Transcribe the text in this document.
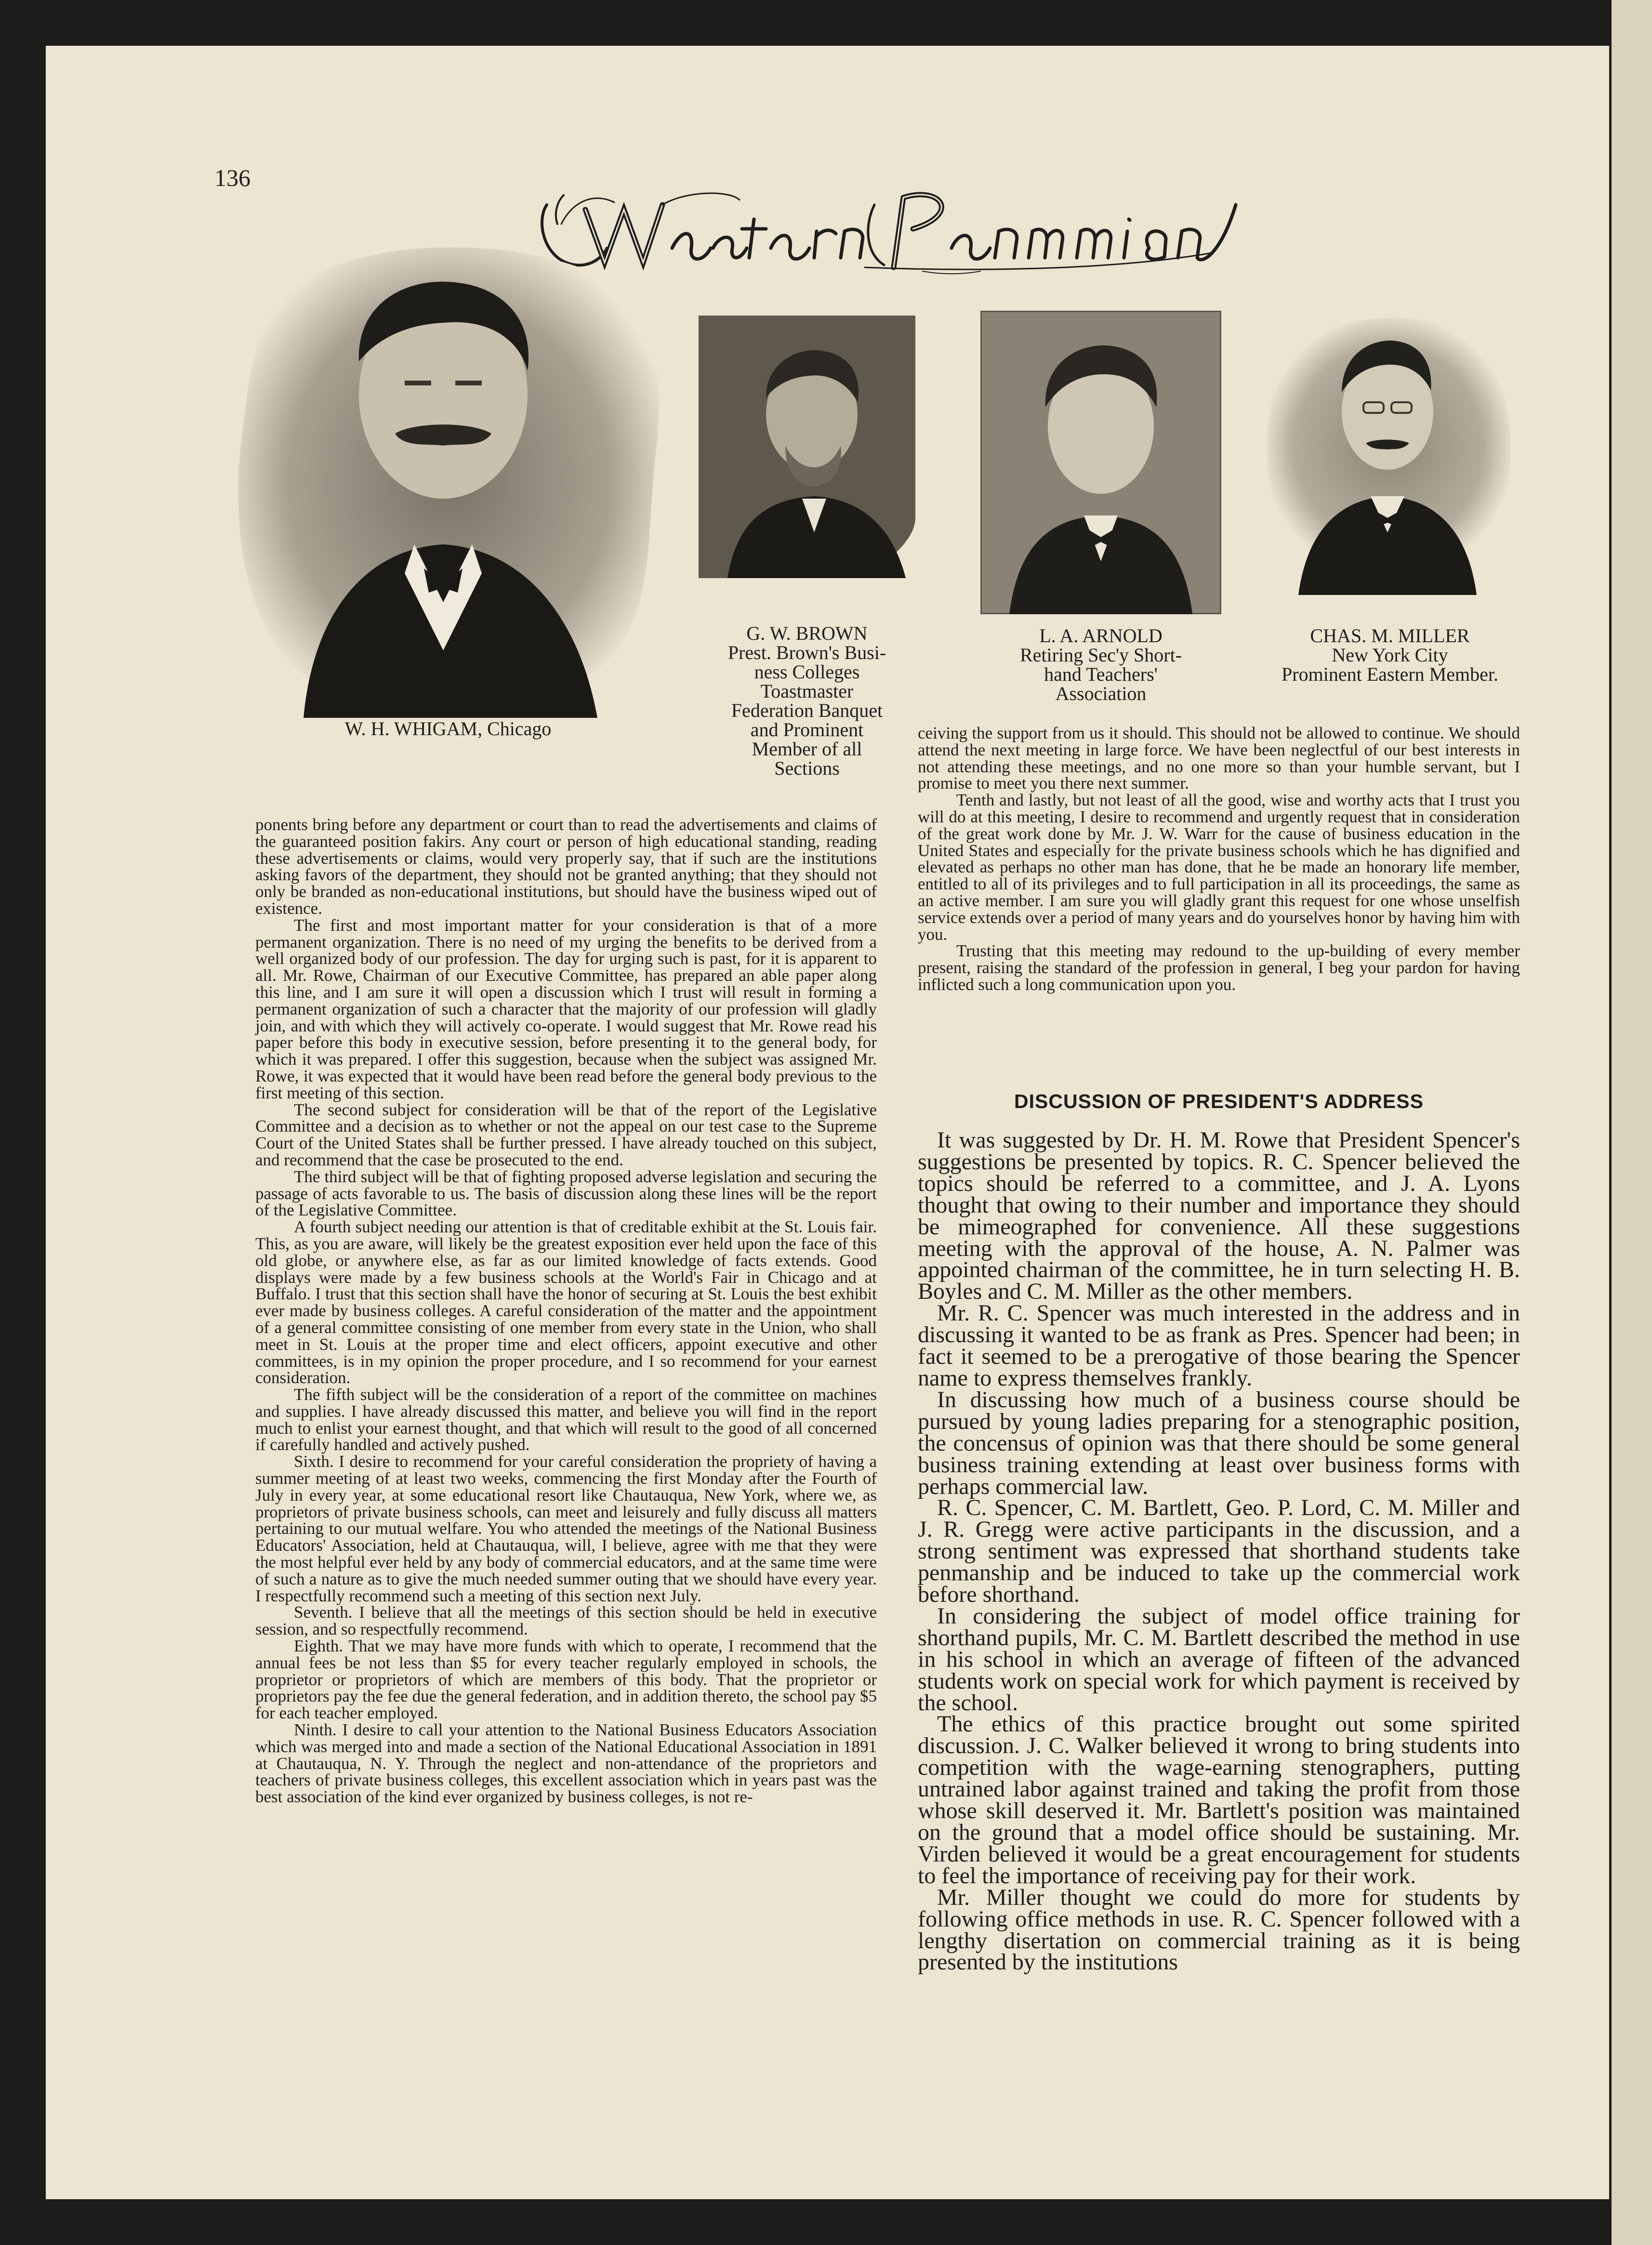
136
W. H. WHIGAM, Chicago
G. W. BROWN
Prest. Brown's Busi-
ness Colleges
Toastmaster
Federation Banquet
and Prominent
Member of all
Sections
L. A. ARNOLD
Retiring Sec'y Short-
hand Teachers'
Association
CHAS. M. MILLER
New York City
Prominent Eastern Member.

ponents bring before any department or court than to read the advertisements and claims of the guaranteed position fakirs. Any court or person of high educational standing, reading these advertisements or claims, would very properly say, that if such are the institutions asking favors of the department, they should not be granted anything; that they should not only be branded as non-educational institutions, but should have the business wiped out of existence.

The first and most important matter for your consideration is that of a more permanent organization. There is no need of my urging the benefits to be derived from a well organized body of our profession. The day for urging such is past, for it is apparent to all. Mr. Rowe, Chairman of our Executive Committee, has prepared an able paper along this line, and I am sure it will open a discussion which I trust will result in forming a permanent organization of such a character that the majority of our profession will gladly join, and with which they will actively co-operate. I would suggest that Mr. Rowe read his paper before this body in executive session, before presenting it to the general body, for which it was prepared. I offer this suggestion, because when the subject was assigned Mr. Rowe, it was expected that it would have been read before the general body previous to the first meeting of this section.

The second subject for consideration will be that of the report of the Legislative Committee and a decision as to whether or not the appeal on our test case to the Supreme Court of the United States shall be further pressed. I have already touched on this subject, and recommend that the case be prosecuted to the end.

The third subject will be that of fighting proposed adverse legislation and securing the passage of acts favorable to us. The basis of discussion along these lines will be the report of the Legislative Committee.

A fourth subject needing our attention is that of creditable exhibit at the St. Louis fair. This, as you are aware, will likely be the greatest exposition ever held upon the face of this old globe, or anywhere else, as far as our limited knowledge of facts extends. Good displays were made by a few business schools at the World's Fair in Chicago and at Buffalo. I trust that this section shall have the honor of securing at St. Louis the best exhibit ever made by business colleges. A careful consideration of the matter and the appointment of a general committee consisting of one member from every state in the Union, who shall meet in St. Louis at the proper time and elect officers, appoint executive and other committees, is in my opinion the proper procedure, and I so recommend for your earnest consideration.

The fifth subject will be the consideration of a report of the committee on machines and supplies. I have already discussed this matter, and believe you will find in the report much to enlist your earnest thought, and that which will result to the good of all concerned if carefully handled and actively pushed.

Sixth. I desire to recommend for your careful consideration the propriety of having a summer meeting of at least two weeks, commencing the first Monday after the Fourth of July in every year, at some educational resort like Chautauqua, New York, where we, as proprietors of private business schools, can meet and leisurely and fully discuss all matters pertaining to our mutual welfare. You who attended the meetings of the National Business Educators' Association, held at Chautauqua, will, I believe, agree with me that they were the most helpful ever held by any body of commercial educators, and at the same time were of such a nature as to give the much needed summer outing that we should have every year. I respectfully recommend such a meeting of this section next July.

Seventh. I believe that all the meetings of this section should be held in executive session, and so respectfully recommend.

Eighth. That we may have more funds with which to operate, I recommend that the annual fees be not less than $5 for every teacher regularly employed in schools, the proprietor or proprietors of which are members of this body. That the proprietor or proprietors pay the fee due the general federation, and in addition thereto, the school pay $5 for each teacher employed.

Ninth. I desire to call your attention to the National Business Educators Association which was merged into and made a section of the National Educational Association in 1891 at Chautauqua, N. Y. Through the neglect and non-attendance of the proprietors and teachers of private business colleges, this excellent association which in years past was the best association of the kind ever organized by business colleges, is not re-

ceiving the support from us it should. This should not be allowed to continue. We should attend the next meeting in large force. We have been neglectful of our best interests in not attending these meetings, and no one more so than your humble servant, but I promise to meet you there next summer.

Tenth and lastly, but not least of all the good, wise and worthy acts that I trust you will do at this meeting, I desire to recommend and urgently request that in consideration of the great work done by Mr. J. W. Warr for the cause of business education in the United States and especially for the private business schools which he has dignified and elevated as perhaps no other man has done, that he be made an honorary life member, entitled to all of its privileges and to full participation in all its proceedings, the same as an active member. I am sure you will gladly grant this request for one whose unselfish service extends over a period of many years and do yourselves honor by having him with you.

Trusting that this meeting may redound to the up-building of every member present, raising the standard of the profession in general, I beg your pardon for having inflicted such a long communication upon you.

DISCUSSION OF PRESIDENT'S ADDRESS

It was suggested by Dr. H. M. Rowe that President Spencer's suggestions be presented by topics. R. C. Spencer believed the topics should be referred to a committee, and J. A. Lyons thought that owing to their number and importance they should be mimeographed for convenience. All these suggestions meeting with the approval of the house, A. N. Palmer was appointed chairman of the committee, he in turn selecting H. B. Boyles and C. M. Miller as the other members.

Mr. R. C. Spencer was much interested in the address and in discussing it wanted to be as frank as Pres. Spencer had been; in fact it seemed to be a prerogative of those bearing the Spencer name to express themselves frankly.

In discussing how much of a business course should be pursued by young ladies preparing for a stenographic position, the concensus of opinion was that there should be some general business training extending at least over business forms with perhaps commercial law.

R. C. Spencer, C. M. Bartlett, Geo. P. Lord, C. M. Miller and J. R. Gregg were active participants in the discussion, and a strong sentiment was expressed that shorthand students take penmanship and be induced to take up the commercial work before shorthand.

In considering the subject of model office training for shorthand pupils, Mr. C. M. Bartlett described the method in use in his school in which an average of fifteen of the advanced students work on special work for which payment is received by the school.

The ethics of this practice brought out some spirited discussion. J. C. Walker believed it wrong to bring students into competition with the wage-earning stenographers, putting untrained labor against trained and taking the profit from those whose skill deserved it. Mr. Bartlett's position was maintained on the ground that a model office should be sustaining. Mr. Virden believed it would be a great encouragement for students to feel the importance of receiving pay for their work.

Mr. Miller thought we could do more for students by following office methods in use. R. C. Spencer followed with a lengthy disertation on commercial training as it is being presented by the institutions
